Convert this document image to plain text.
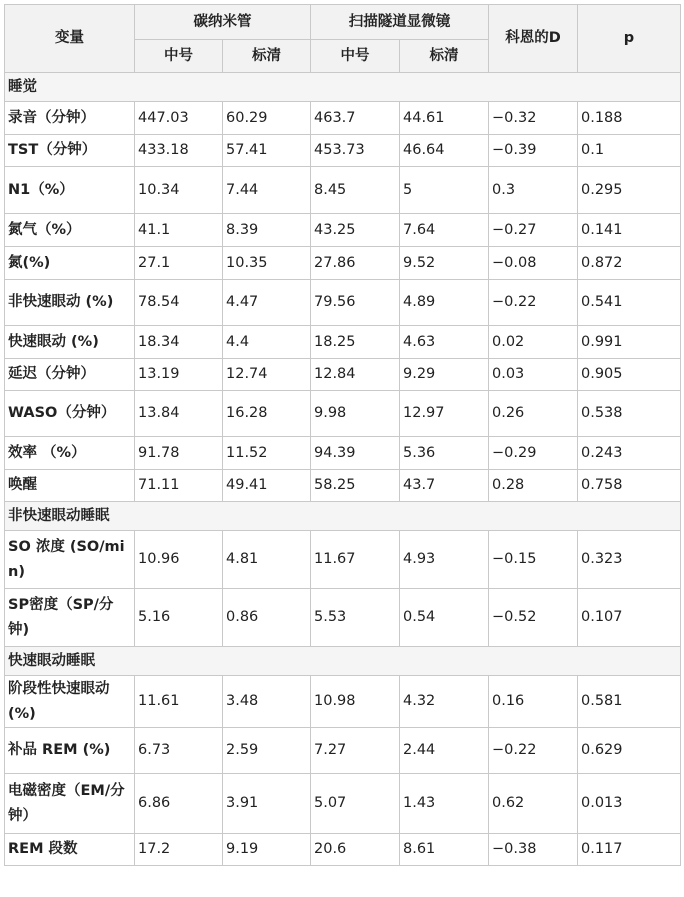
变量	碳纳米管		扫描隧道显微镜		科恩的D	p
	中号	标清	中号	标清		
睡觉						
录音（分钟）	447.03	60.29	463.7	44.61	−0.32	0.188
TST（分钟）	433.18	57.41	453.73	46.64	−0.39	0.1
N1（%）	10.34	7.44	8.45	5	0.3	0.295
氮气（%）	41.1	8.39	43.25	7.64	−0.27	0.141
氮(%)	27.1	10.35	27.86	9.52	−0.08	0.872
非快速眼动 (%)	78.54	4.47	79.56	4.89	−0.22	0.541
快速眼动 (%)	18.34	4.4	18.25	4.63	0.02	0.991
延迟（分钟）	13.19	12.74	12.84	9.29	0.03	0.905
WASO（分钟）	13.84	16.28	9.98	12.97	0.26	0.538
效率 （%）	91.78	11.52	94.39	5.36	−0.29	0.243
唤醒	71.11	49.41	58.25	43.7	0.28	0.758
非快速眼动睡眠						
SO 浓度 (SO/min)	10.96	4.81	11.67	4.93	−0.15	0.323
SP密度（SP/分钟)	5.16	0.86	5.53	0.54	−0.52	0.107
快速眼动睡眠						
阶段性快速眼动 (%)	11.61	3.48	10.98	4.32	0.16	0.581
补品 REM (%)	6.73	2.59	7.27	2.44	−0.22	0.629
电磁密度（EM/分钟）	6.86	3.91	5.07	1.43	0.62	0.013
REM 段数	17.2	9.19	20.6	8.61	−0.38	0.117
